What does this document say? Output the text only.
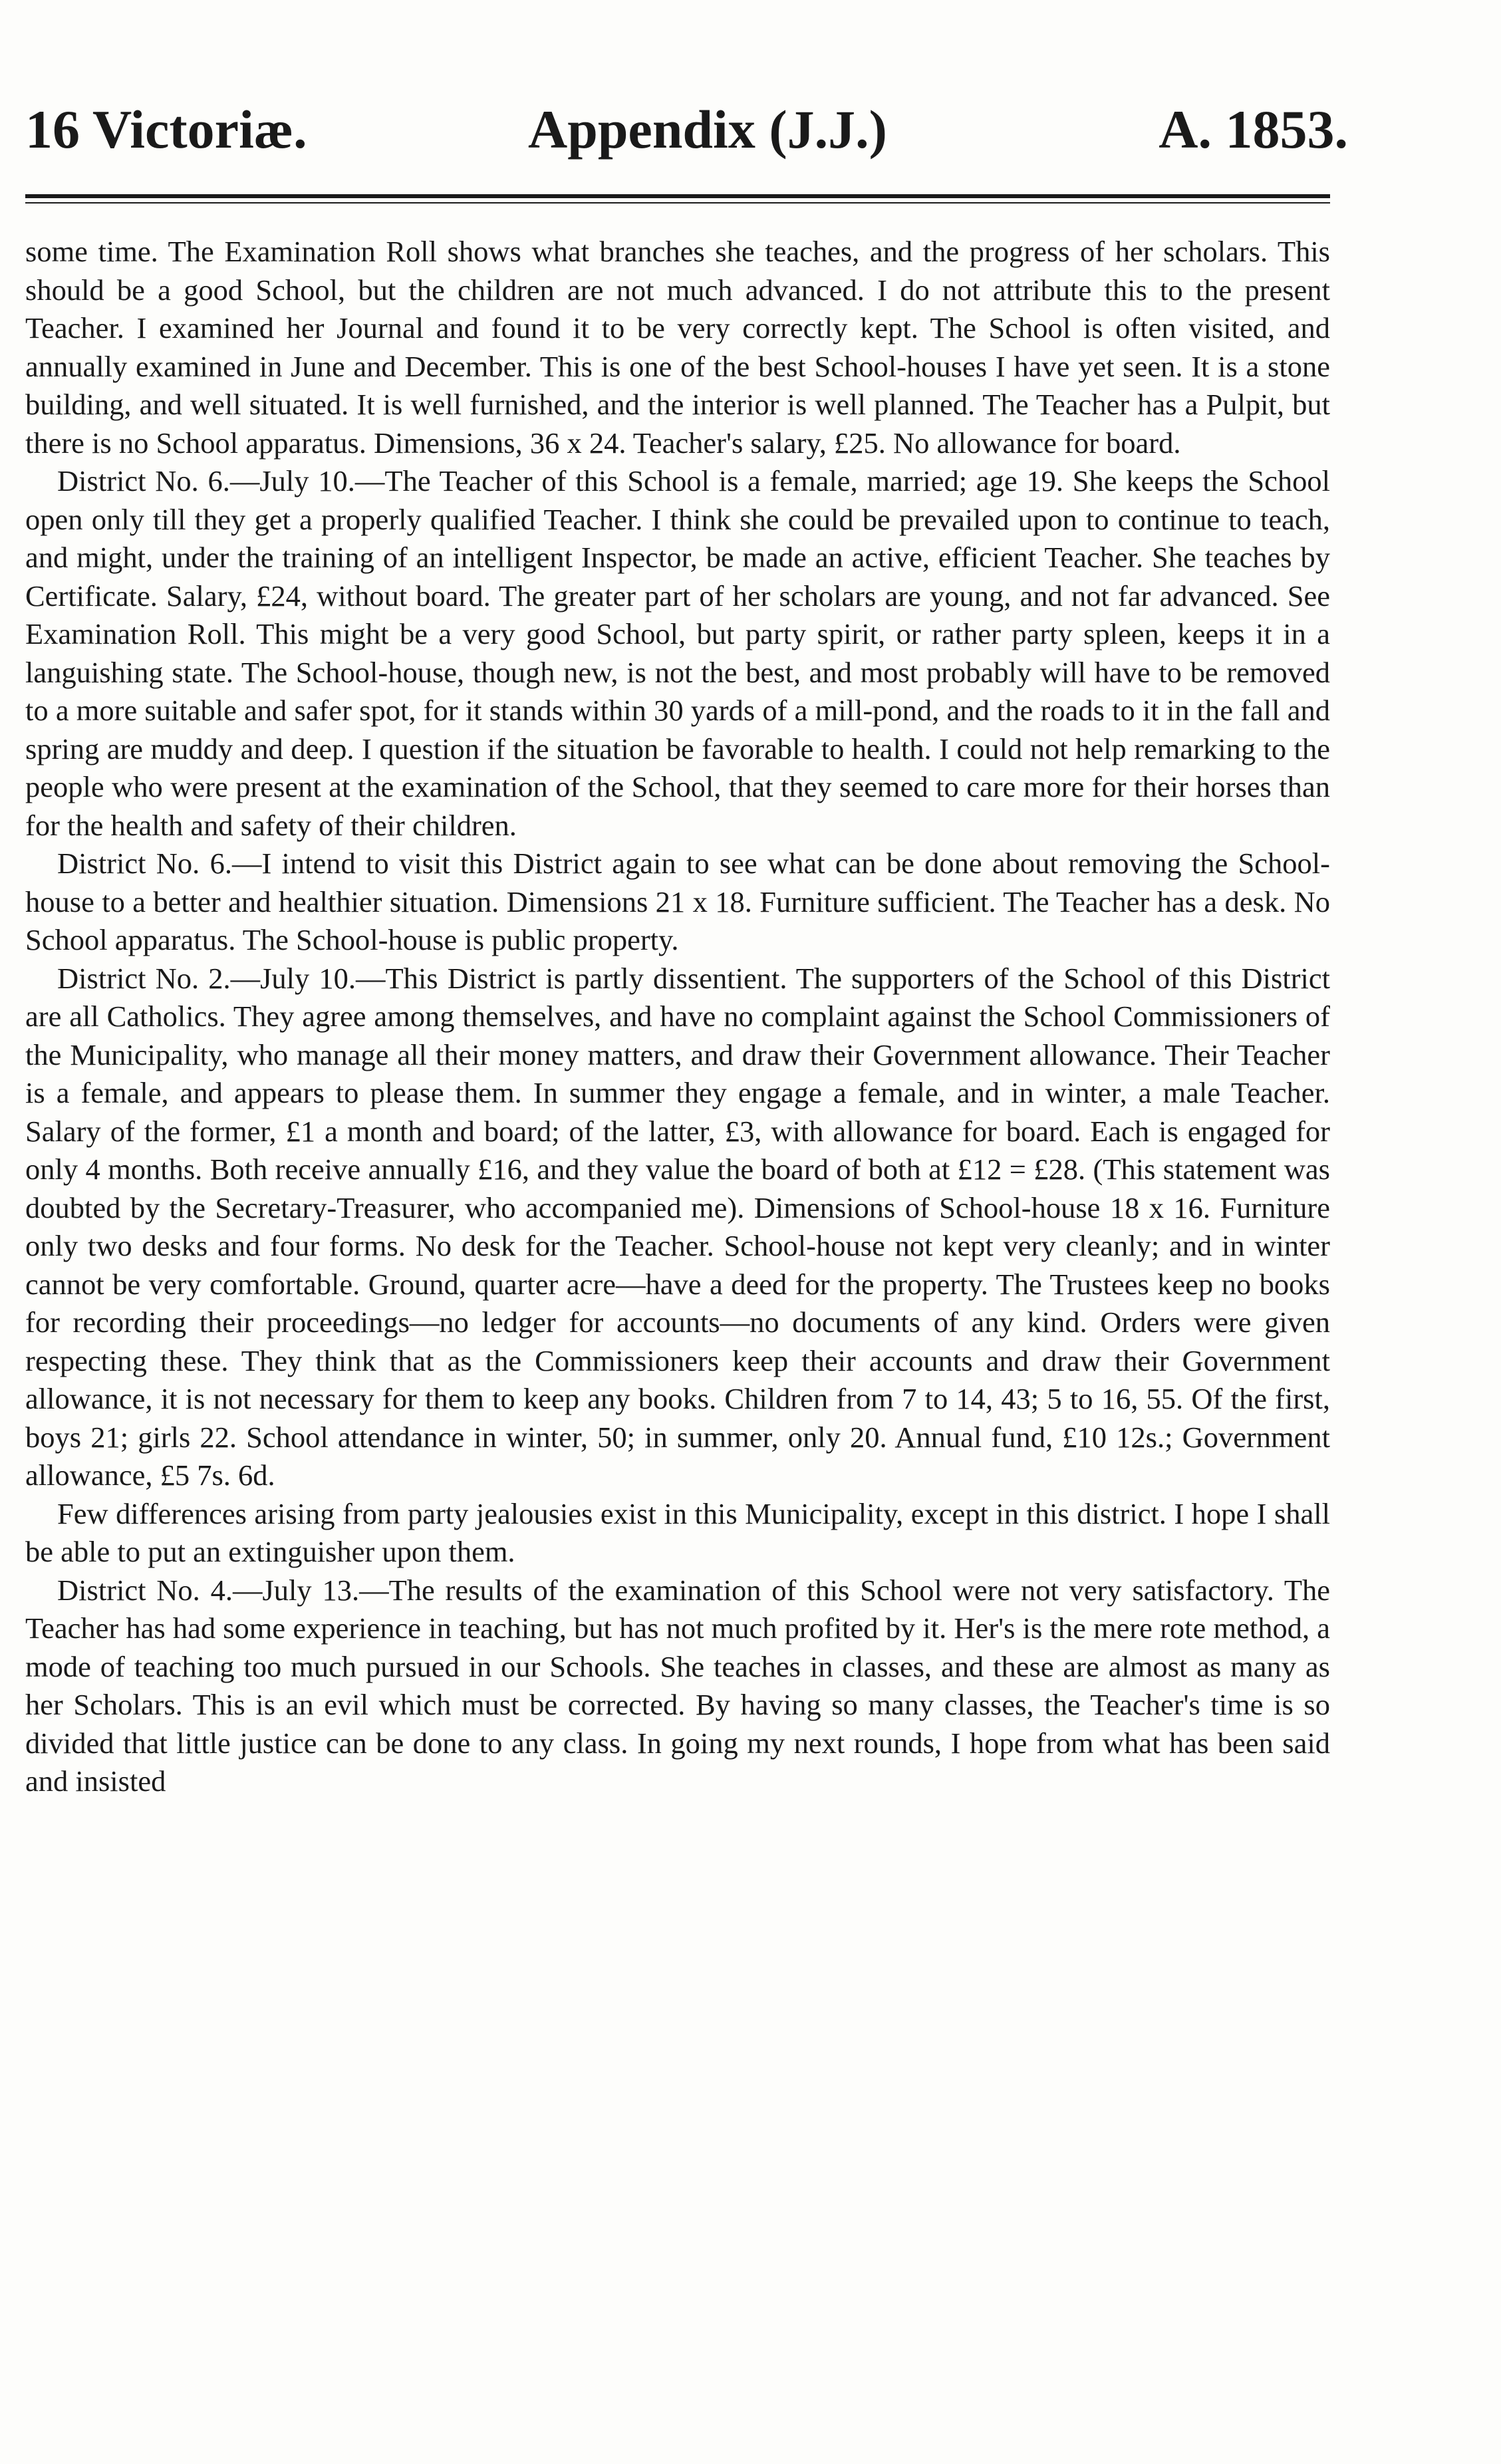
16 Victoriæ.	Appendix (J.J.)	A. 1853.

some time. The Examination Roll shows what branches she teaches, and the progress of her scholars. This should be a good School, but the children are not much advanced. I do not attribute this to the present Teacher. I examined her Journal and found it to be very correctly kept. The School is often visited, and annually examined in June and December. This is one of the best School-houses I have yet seen. It is a stone building, and well situated. It is well furnished, and the interior is well planned. The Teacher has a Pulpit, but there is no School apparatus. Dimensions, 36 x 24. Teacher's salary, £25. No allowance for board.

District No. 6.—July 10.—The Teacher of this School is a female, married; age 19. She keeps the School open only till they get a properly qualified Teacher. I think she could be prevailed upon to continue to teach, and might, under the training of an intelligent Inspector, be made an active, efficient Teacher. She teaches by Certificate. Salary, £24, without board. The greater part of her scholars are young, and not far advanced. See Examination Roll. This might be a very good School, but party spirit, or rather party spleen, keeps it in a languishing state. The School-house, though new, is not the best, and most probably will have to be removed to a more suitable and safer spot, for it stands within 30 yards of a mill-pond, and the roads to it in the fall and spring are muddy and deep. I question if the situation be favorable to health. I could not help remarking to the people who were present at the examination of the School, that they seemed to care more for their horses than for the health and safety of their children.

District No. 6.—I intend to visit this District again to see what can be done about removing the School-house to a better and healthier situation. Dimensions 21 x 18. Furniture sufficient. The Teacher has a desk. No School apparatus. The School-house is public property.

District No. 2.—July 10.—This District is partly dissentient. The supporters of the School of this District are all Catholics. They agree among themselves, and have no complaint against the School Commissioners of the Municipality, who manage all their money matters, and draw their Government allowance. Their Teacher is a female, and appears to please them. In summer they engage a female, and in winter, a male Teacher. Salary of the former, £1 a month and board; of the latter, £3, with allowance for board. Each is engaged for only 4 months. Both receive annually £16, and they value the board of both at £12 = £28. (This statement was doubted by the Secretary-Treasurer, who accompanied me). Dimensions of School-house 18 x 16. Furniture only two desks and four forms. No desk for the Teacher. School-house not kept very cleanly; and in winter cannot be very comfortable. Ground, quarter acre—have a deed for the property. The Trustees keep no books for recording their proceedings—no ledger for accounts—no documents of any kind. Orders were given respecting these. They think that as the Commissioners keep their accounts and draw their Government allowance, it is not necessary for them to keep any books. Children from 7 to 14, 43; 5 to 16, 55. Of the first, boys 21; girls 22. School attendance in winter, 50; in summer, only 20. Annual fund, £10 12s.; Government allowance, £5 7s. 6d.

Few differences arising from party jealousies exist in this Municipality, except in this district. I hope I shall be able to put an extinguisher upon them.

District No. 4.—July 13.—The results of the examination of this School were not very satisfactory. The Teacher has had some experience in teaching, but has not much profited by it. Her's is the mere rote method, a mode of teaching too much pursued in our Schools. She teaches in classes, and these are almost as many as her Scholars. This is an evil which must be corrected. By having so many classes, the Teacher's time is so divided that little justice can be done to any class. In going my next rounds, I hope from what has been said and insisted
